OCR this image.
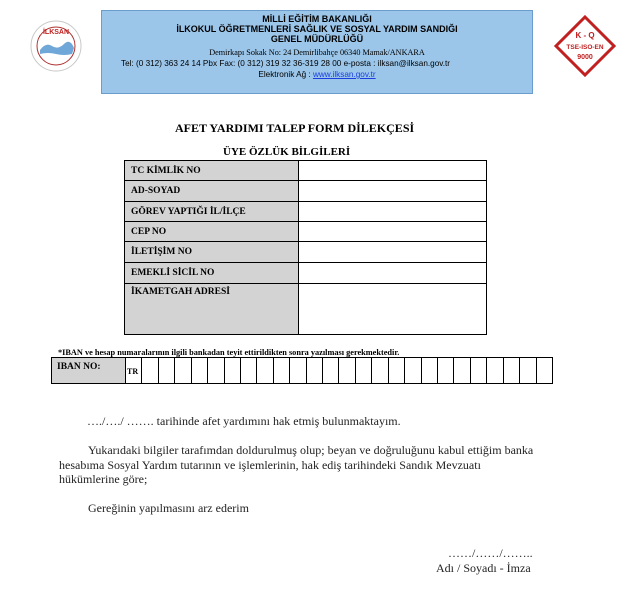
İLKSAN
MİLLİ EĞİTİM BAKANLIĞI
İLKOKUL ÖĞRETMENLERİ SAĞLIK VE SOSYAL YARDIM SANDIĞI
GENEL MÜDÜRLÜĞÜ
Demirkapı Sokak No: 24 Demirlibahçe 06340 Mamak/ANKARA
Tel: (0 312) 363 24 14 Pbx Fax: (0 312) 319 32 36-319 28 00 e-posta : ilksan@ilksan.gov.tr
Elektronik Ağ : www.ilksan.gov.tr
K - Q
TSE-ISO-EN
9000
AFET YARDIMI TALEP FORM DİLEKÇESİ
ÜYE ÖZLÜK BİLGİLERİ
TC KİMLİK NO	
AD-SOYAD	
GÖREV YAPTIĞI İL/İLÇE	
CEP NO	
İLETİŞİM NO	
EMEKLİ SİCİL NO	
İKAMETGAH ADRESİ	
*IBAN ve hesap numaralarının ilgili bankadan teyit ettirildikten sonra yazılması gerekmektedir.
IBAN NO:	TR
…./…./ ……. tarihinde afet yardımını hak etmiş bulunmaktayım.
Yukarıdaki bilgiler tarafımdan doldurulmuş olup; beyan ve doğruluğunu kabul ettiğim banka
hesabıma Sosyal Yardım tutarının ve işlemlerinin, hak ediş tarihindeki Sandık Mevzuatı
hükümlerine göre;
Gereğinin yapılmasını arz ederim
……/……/……..
Adı / Soyadı - İmza
